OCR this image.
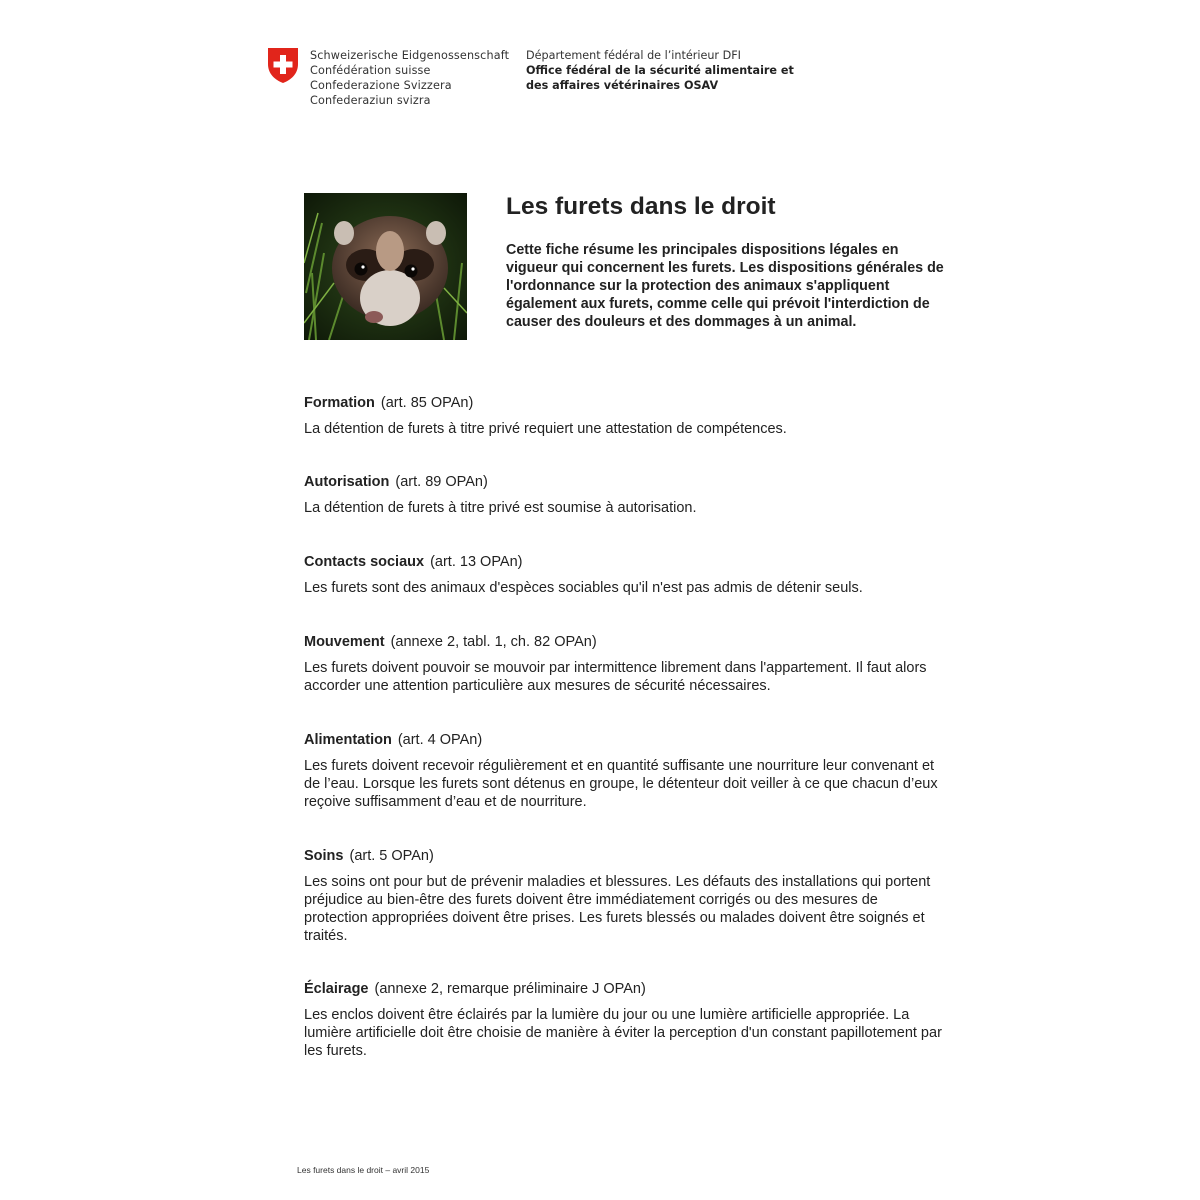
Schweizerische Eidgenossenschaft
Confédération suisse
Confederazione Svizzera
Confederaziun svizra
Département fédéral de l’intérieur DFI
Office fédéral de la sécurité alimentaire et
des affaires vétérinaires OSAV
Les furets dans le droit
Cette fiche résume les principales dispositions légales en vigueur qui concernent les furets. Les dispositions générales de l'ordonnance sur la protection des animaux s'appliquent également aux furets, comme celle qui prévoit l'interdiction de causer des douleurs et des dommages à un animal.
Formation (art. 85 OPAn)

La détention de furets à titre privé requiert une attestation de compétences.

Autorisation (art. 89 OPAn)

La détention de furets à titre privé est soumise à autorisation.

Contacts sociaux (art. 13 OPAn)

Les furets sont des animaux d'espèces sociables qu'il n'est pas admis de détenir seuls.

Mouvement (annexe 2, tabl. 1, ch. 82 OPAn)

Les furets doivent pouvoir se mouvoir par intermittence librement dans l'appartement. Il faut alors accorder une attention particulière aux mesures de sécurité nécessaires.

Alimentation (art. 4 OPAn)

Les furets doivent recevoir régulièrement et en quantité suffisante une nourriture leur convenant et de l’eau. Lorsque les furets sont détenus en groupe, le détenteur doit veiller à ce que chacun d’eux reçoive suffisamment d’eau et de nourriture.

Soins (art. 5 OPAn)

Les soins ont pour but de prévenir maladies et blessures. Les défauts des installations qui portent préjudice au bien-être des furets doivent être immédiatement corrigés ou des mesures de protection appropriées doivent être prises. Les furets blessés ou malades doivent être soignés et traités.

Éclairage (annexe 2, remarque préliminaire J OPAn)

Les enclos doivent être éclairés par la lumière du jour ou une lumière artificielle appropriée. La lumière artificielle doit être choisie de manière à éviter la perception d'un constant papillotement par les furets.

Les furets dans le droit – avril 2015
